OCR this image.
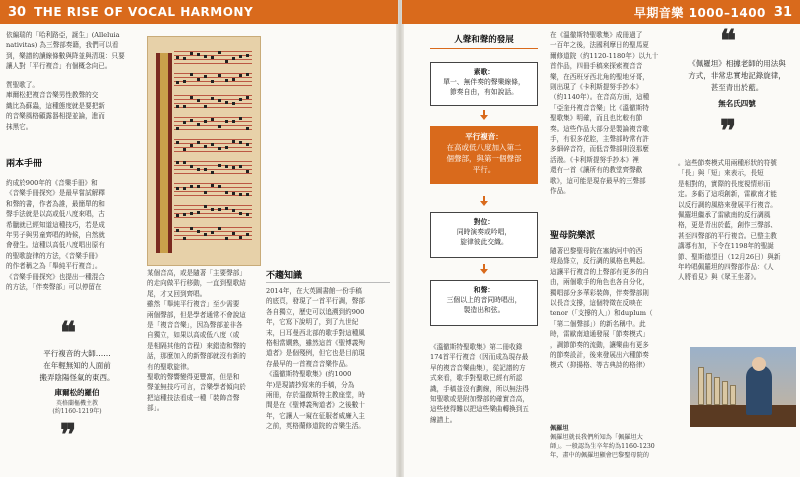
30 THE RISE OF VOCAL HARMONY	早期音樂 1000–1400 31
依編瑞的「哈利路亞，誕生」(Alleluia
nativitas) 為三聲部奏籍，我們可以看
到，樂譜的讀線條數與降並與清現：只要
讓人對「平行複音」有個概念向已。
質聖歌了。
庫爾松把複音音樂男性教聲的交
織比為蘇蟲，這種態度就是要把新
的音樂風格顧露器相提並論，進而
抹黑它。
兩本手冊
約成於900年的《音樂手冊》和
《音樂手冊探究》是最早嘗試解釋
和聲的書，作者為誰，最簡單的和
聲手法就是以高或低八度來唱，古
希臘就已經知道這種技巧，若是成
年男子與男童齊唱的時候，自然就
會發生。這種以高低八度唱出原有
的聖歌旋律的方法，《音樂手冊》
的作者稱之為「舉純平行複音」。
《音樂手冊探究》也提出一種混合
的方法，「伴奏聲部」可以停留在
❝
平行複音的大師……
在年輕無知的人面前
搬弄陰陽怪氣的東西。
庫爾松的羅伯
英格蘭樞機主教
(約1160-1219年)
❞
某個音高，或是隨著「主要聲部」
的走向做平行移動，一直到聖歌結
尾，才又回到齊唱。
雖然「舉純平行複音」至少需要
兩個聲部，但是學者通常不會說這
是「複音音樂」，因為聲部並非各
自獨立，如果以高或低八度（或
是相隔其他的音程）來錯造和聲的
話，那麼加入的新聲部就沒有新的
有的聖歌旋律。
聖歌的聲響變得更豐富，但是和
聲並無技巧可言，音樂學者傾向於
把這種技法看成一種「裝飾音聲
部」。
不趨知識
2014年，在大英圖書館一份手稿
的底頁，發現了一首平行調，聲部
各自獨立，歷史可以追溯到約900
年，它寫下說明了，到了九世紀
末，日耳曼西北部的歌手對這種風
格相當嫻熟，雖然這首《聖博義殉
道者》是個殘例，但它也是目前現
存最早的一首複音音樂作品。
《溫徹斯特聖歌集》(約1000
年)是現請抄寫來的手稿，分為
兩冊，存於溫徹斯特主教座堂，時
間是在《聖博義殉道者》之後數十
年，它讓人一窺在征服者威廉入主
之前，英格蘭修道院的音樂生活。
人聲和聲的發展
素歌：
單一、無伴奏的聲樂線條，
節奏自由，有如說話。
平行複音：
在高或低八度加入第二
個聲部，與第一個聲部
平行。
對位：
同時演奏或吟唱，
旋律彼此交織。
和聲：
三個以上的音同時唱出，
製造出和弦。
《溫徹斯特聖歌集》第二冊收錄
174首平行複音（因而成為現存最
早的複音音樂曲集），從記譜的方
式來看，歌手對聖歌已經有所認
識，手稿並沒有劃線，所以無法得
知聖歌或是附加聲部的確實音高，
這些使得難以把這些樂曲轉換到五
線譜上。
在《溫徹斯特聖歌集》成冊過了
一百年之後，法國利摩日的聖馬夏
爾修道院（約1120-1180年）以九十
首作品，四冊手稿來探索複音音
樂，在西班牙西北角的聖地牙哥，
則出現了《卡利斯提努手抄本》
（約1140年）。在音高方面，這種
「亞奎丹複音音樂」比《溫徹斯特
聖歌集》明確，而且也比較有節
奏。這些作品大部分是製論複音歌
手，有很多花腔，主聲部時常有許
多細碎音符，而低音聲部則沒那麼
活潑。《卡利斯提努手抄本》裡
還有一首《讓所有的教堂齊聲歡
歌》，這可能是現存最早的三聲部
作品。
聖母院樂派
隨著巴黎聖母院在塞納河中的西
堤島聳立，反行調的風格也興起。
這讓平行複音的上聲部有更多的自
由，兩個歌手的角色也各自分化，
獨唱部分多華彩裝飾，伴奏聲部則
以長音支撐，這個特徵在反映在
tenor（「支撐的人」）和duplum（
「第二個聲部」）的新名稱中。此
時，雷歐南迪通發展「節奏模式」
，調節節奏的流動，讓樂曲有更多
的節奏設計，後來發展出六種節奏
模式（抑揚格、等古典詩的格律）
❝
《佩羅坦》相據老師的用法與
方式，非常忠實地記錄旋律，
甚至青出於藍。
無名氏四號
❞
。這些節奏模式用兩種形狀的符號
「長」與「短」來表示，長短
是相對的，實際的長度視情形而
定。多虧了這項創新，雷歐南才能
以反行調的風格來發展平行複音。
佩羅坦繼承了雷歐南的反行調風
格，更是青出於藍，創作三聲部、
甚至四聲部的平行複音。已整主教
講導有加，下令在1198年的聖誕
節、聖斯德望日（12月26日）與新
年吟唱佩羅坦的四聲部作品：《人
人將看見》與《眾王坐著》。
佩羅坦
佩羅坦就長我們所知為「佩羅坦大
師」。一般認為生卒年約為1160-1230
年，畫中的佩羅坦顯會巴黎聖母院的
